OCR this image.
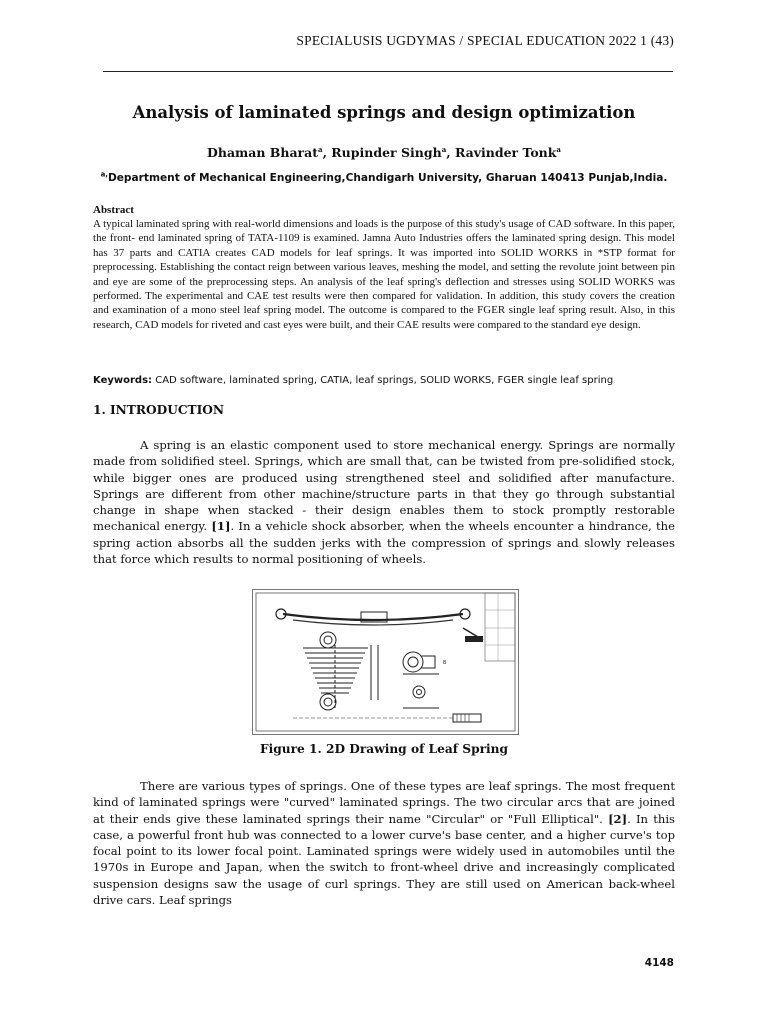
SPECIALUSIS UGDYMAS / SPECIAL EDUCATION 2022 1 (43)
Analysis of laminated springs and design optimization
Dhaman Bharat$^a$, Rupinder Singh$^a$, Ravinder Tonk$^a$
$^{a,}$Department of Mechanical Engineering,Chandigarh University, Gharuan 140413 Punjab,India.
Abstract
A typical laminated spring with real-world dimensions and loads is the purpose of this study's usage of CAD software. In this paper, the front- end laminated spring of TATA-1109 is examined. Jamna Auto Industries offers the laminated spring design. This model has 37 parts and CATIA creates CAD models for leaf springs. It was imported into SOLID WORKS in *STP format for preprocessing. Establishing the contact reign between various leaves, meshing the model, and setting the revolute joint between pin and eye are some of the preprocessing steps. An analysis of the leaf spring's deflection and stresses using SOLID WORKS was performed. The experimental and CAE test results were then compared for validation. In addition, this study covers the creation and examination of a mono steel leaf spring model. The outcome is compared to the FGER single leaf spring result. Also, in this research, CAD models for riveted and cast eyes were built, and their CAE results were compared to the standard eye design.
Keywords: CAD software, laminated spring, CATIA, leaf springs, SOLID WORKS, FGER single leaf spring
1. INTRODUCTION
A spring is an elastic component used to store mechanical energy. Springs are normally made from solidified steel. Springs, which are small that, can be twisted from pre-solidified stock, while bigger ones are produced using strengthened steel and solidified after manufacture. Springs are different from other machine/structure parts in that they go through substantial change in shape when stacked - their design enables them to stock promptly restorable mechanical energy. [1]. In a vehicle shock absorber, when the wheels encounter a hindrance, the spring action absorbs all the sudden jerks with the compression of springs and slowly releases that force which results to normal positioning of wheels.
B
Figure 1. 2D Drawing of Leaf Spring
There are various types of springs. One of these types are leaf springs. The most frequent kind of laminated springs were "curved" laminated springs. The two circular arcs that are joined at their ends give these laminated springs their name "Circular" or "Full Elliptical". [2]. In this case, a powerful front hub was connected to a lower curve's base center, and a higher curve's top focal point to its lower focal point. Laminated springs were widely used in automobiles until the 1970s in Europe and Japan, when the switch to front-wheel drive and increasingly complicated suspension designs saw the usage of curl springs. They are still used on American back-wheel drive cars. Leaf springs
4148
